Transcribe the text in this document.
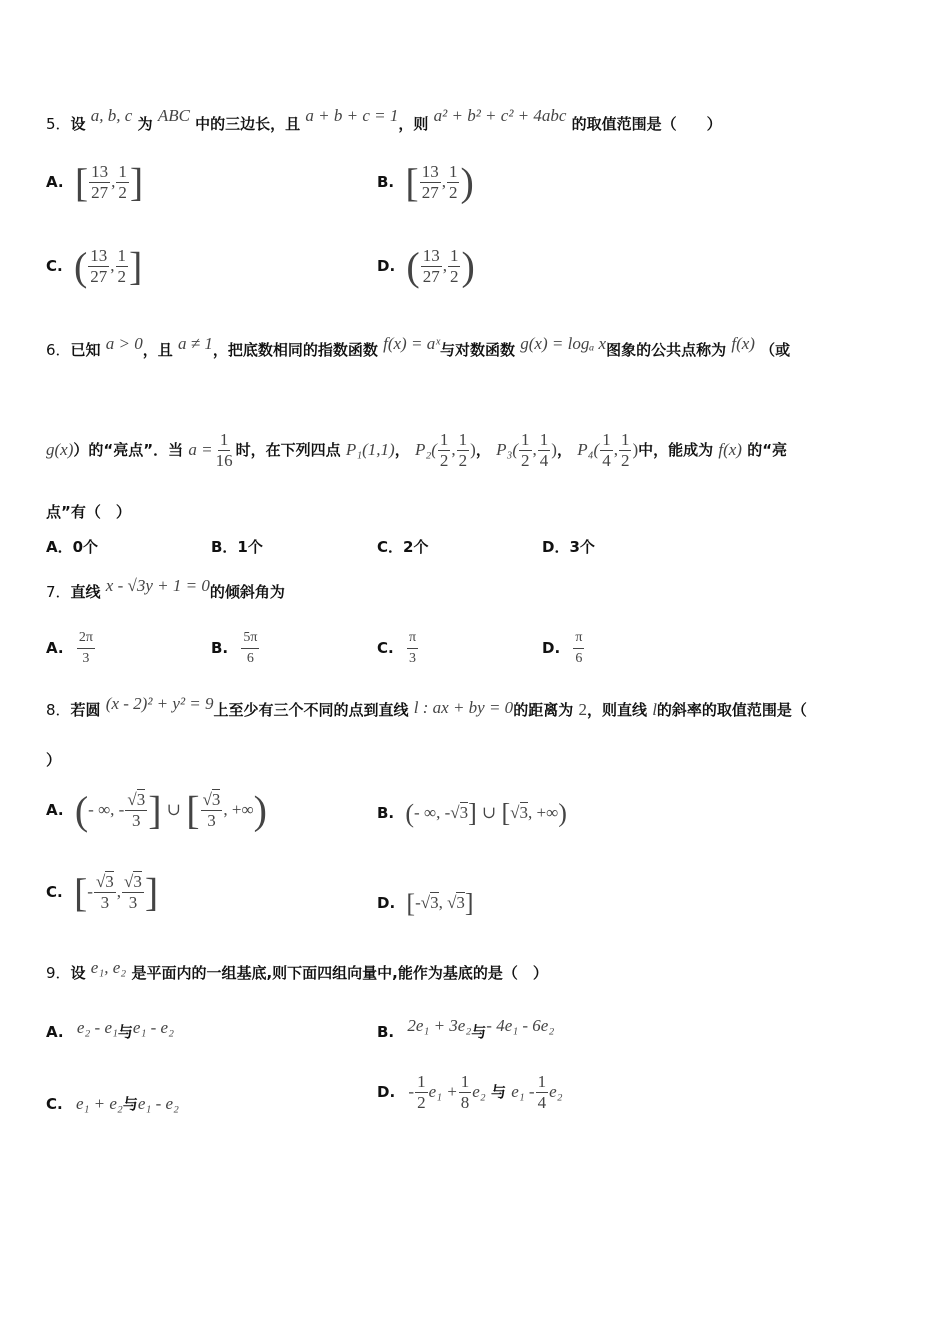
5．设 a, b, c 为 ABC 中的三边长，且 a + b + c = 1，则 a² + b² + c² + 4abc 的取值范围是（　　）
A. [ $\frac{13}{27}$ , $\frac{1}{2}$ ]	B. [ $\frac{13}{27}$ , $\frac{1}{2}$ )
C. ( $\frac{13}{27}$ , $\frac{1}{2}$ ]	D. ( $\frac{13}{27}$ , $\frac{1}{2}$ )
6．已知 a > 0，且 a ≠ 1，把底数相同的指数函数 f(x) = aˣ与对数函数 g(x) = logₐ x图象的公共点称为 f(x) （或
g(x)）的“亮点”．当 $a = \frac{1}{16}$ 时，在下列四点 P₁(1,1)， $P_2( \frac{1}{2}$ , $\frac{1}{2}$ )， $P_3( \frac{1}{2}$ , $\frac{1}{4}$ )， $P_4( \frac{1}{4}$ , $\frac{1}{2}$ )中，能成为 f(x) 的“亮
点”有（　）
A．0个	B．1个	C．2个	D．3个
7．直线 x - √3y + 1 = 0的倾斜角为
A. $\frac{2\pi}{3}$	B. $\frac{5\pi}{6}$	C. $\frac{\pi}{3}$	D. $\frac{\pi}{6}$
8．若圆 (x - 2)² + y² = 9上至少有三个不同的点到直线 l : ax + by = 0的距离为 2，则直线 l的斜率的取值范围是（
）
A. (- ∞, - $\frac{√3}{3}$ ] ∪ [ $\frac{√3}{3}$ , +∞)	B. (- ∞, -√3] ∪ [√3, +∞)
C. [- $\frac{√3}{3}$ , $\frac{√3}{3}$ ]	D. [-√3, √3]
9．设 e₁, e₂ 是平面内的一组基底,则下面四组向量中,能作为基底的是（　）
A. e₂ - e₁与e₁ - e₂	B. 2e₁ + 3e₂与- 4e₁ - 6e₂
C. e₁ + e₂与e₁ - e₂
D. - $\frac{1}{2} e_1 + \frac{1}{8} e_2$ 与 $e_1 - \frac{1}{4} e_2$
